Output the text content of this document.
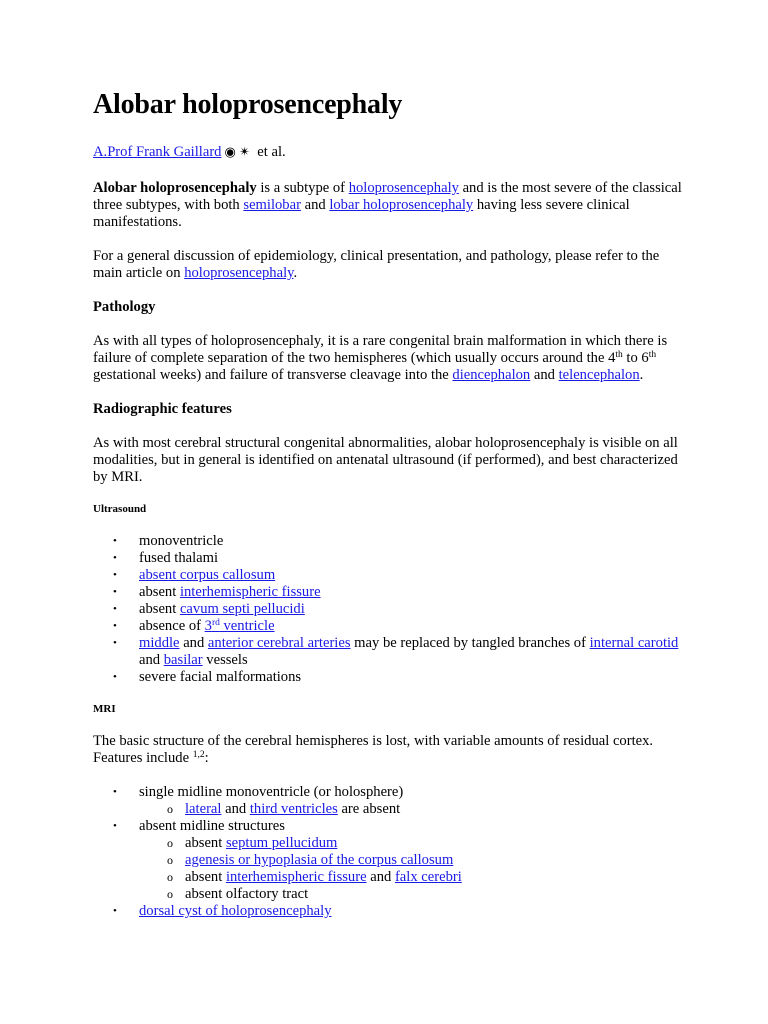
Alobar holoprosencephaly
A.Prof Frank Gaillard ◉ ✴ et al.

Alobar holoprosencephaly is a subtype of holoprosencephaly and is the most severe of the classical three subtypes, with both semilobar and lobar holoprosencephaly having less severe clinical manifestations.

For a general discussion of epidemiology, clinical presentation, and pathology, please refer to the main article on holoprosencephaly.

Pathology

As with all types of holoprosencephaly, it is a rare congenital brain malformation in which there is failure of complete separation of the two hemispheres (which usually occurs around the 4th to 6th gestational weeks) and failure of transverse cleavage into the diencephalon and telencephalon.

Radiographic features

As with most cerebral structural congenital abnormalities, alobar holoprosencephaly is visible on all modalities, but in general is identified on antenatal ultrasound (if performed), and best characterized by MRI.

Ultrasound
• monoventricle
• fused thalami
• absent corpus callosum
• absent interhemispheric fissure
• absent cavum septi pellucidi
• absence of 3rd ventricle
• middle and anterior cerebral arteries may be replaced by tangled branches of internal carotid and basilar vessels
• severe facial malformations
MRI

The basic structure of the cerebral hemispheres is lost, with variable amounts of residual cortex. Features include $^{1,2}$:

• single midline monoventricle (or holosphere)
o lateral and third ventricles are absent
• absent midline structures
o absent septum pellucidum
o agenesis or hypoplasia of the corpus callosum
o absent interhemispheric fissure and falx cerebri
o absent olfactory tract
• dorsal cyst of holoprosencephaly
